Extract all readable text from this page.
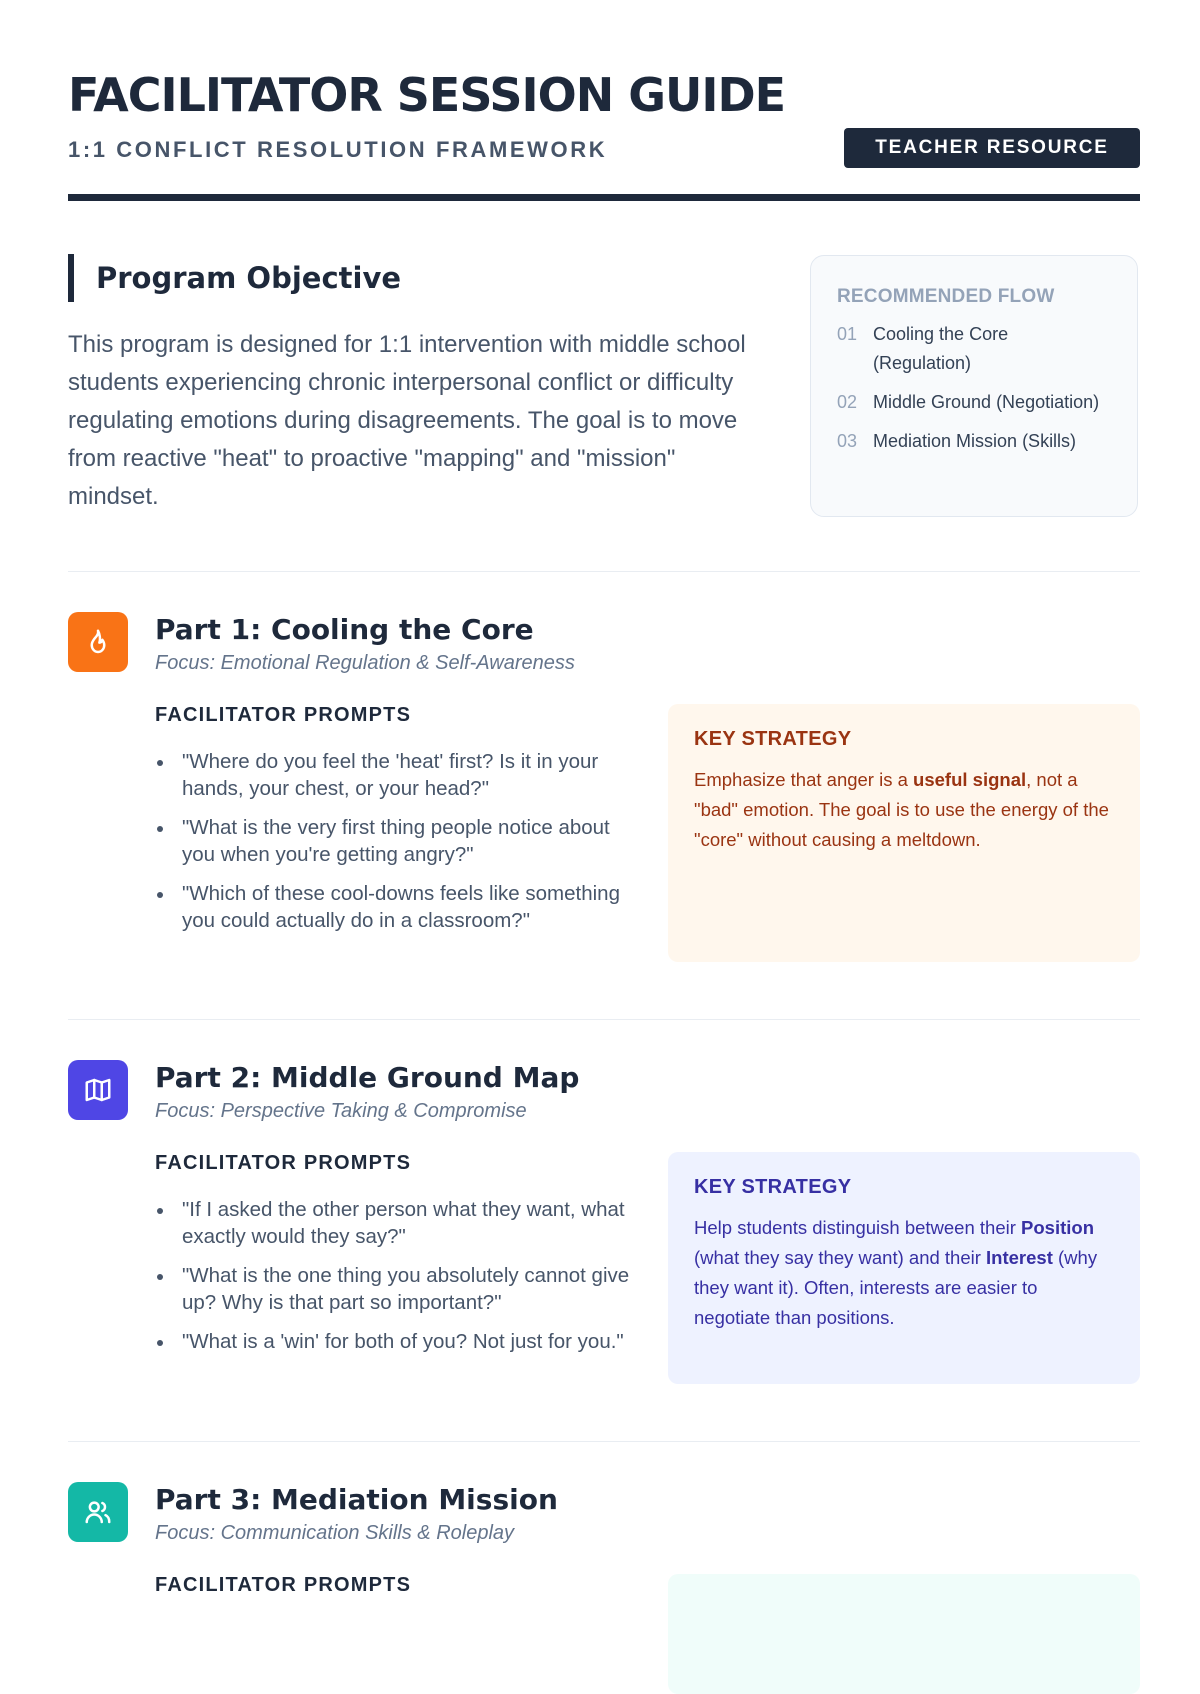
FACILITATOR SESSION GUIDE
1:1 CONFLICT RESOLUTION FRAMEWORK	TEACHER RESOURCE
Program Objective
This program is designed for 1:1 intervention with middle school students experiencing chronic interpersonal conflict or difficulty regulating emotions during disagreements. The goal is to move from reactive "heat" to proactive "mapping" and "mission" mindset.
RECOMMENDED FLOW
01 Cooling the Core (Regulation)
02 Middle Ground (Negotiation)
03 Mediation Mission (Skills)
Part 1: Cooling the Core
Focus: Emotional Regulation & Self-Awareness
FACILITATOR PROMPTS
"Where do you feel the 'heat' first? Is it in your hands, your chest, or your head?"
"What is the very first thing people notice about you when you're getting angry?"
"Which of these cool-downs feels like something you could actually do in a classroom?"
KEY STRATEGY
Emphasize that anger is a useful signal, not a "bad" emotion. The goal is to use the energy of the "core" without causing a meltdown.
Part 2: Middle Ground Map
Focus: Perspective Taking & Compromise
FACILITATOR PROMPTS
"If I asked the other person what they want, what exactly would they say?"
"What is the one thing you absolutely cannot give up? Why is that part so important?"
"What is a 'win' for both of you? Not just for you."
KEY STRATEGY
Help students distinguish between their Position (what they say they want) and their Interest (why they want it). Often, interests are easier to negotiate than positions.
Part 3: Mediation Mission
Focus: Communication Skills & Roleplay
FACILITATOR PROMPTS
